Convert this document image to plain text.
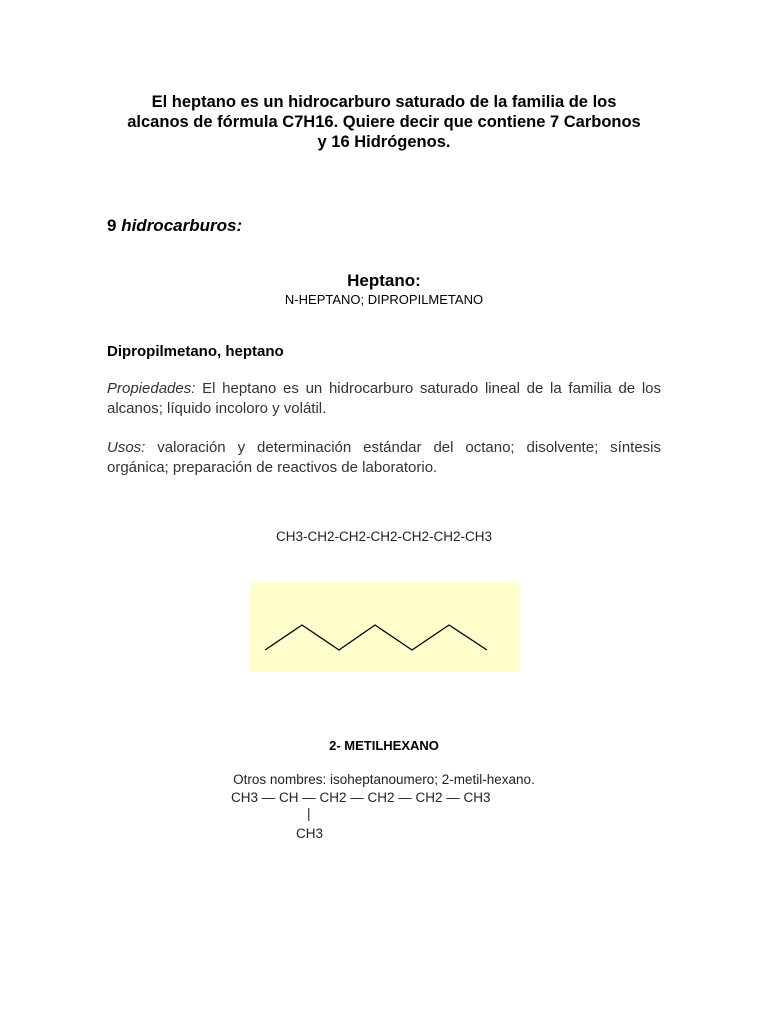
El heptano es un hidrocarburo saturado de la familia de los
alcanos de fórmula C7H16. Quiere decir que contiene 7 Carbonos
y 16 Hidrógenos.
9 hidrocarburos:
Heptano:
N-HEPTANO; DIPROPILMETANO
Dipropilmetano, heptano
Propiedades: El heptano es un hidrocarburo saturado lineal de la familia de los alcanos; líquido incoloro y volátil.
Usos: valoración y determinación estándar del octano; disolvente; síntesis orgánica; preparación de reactivos de laboratorio.
CH3-CH2-CH2-CH2-CH2-CH2-CH3
2- METILHEXANO
Otros nombres: isoheptanoumero; 2-metil-hexano.
CH3 — CH — CH2 — CH2 — CH2 — CH3
|
CH3
